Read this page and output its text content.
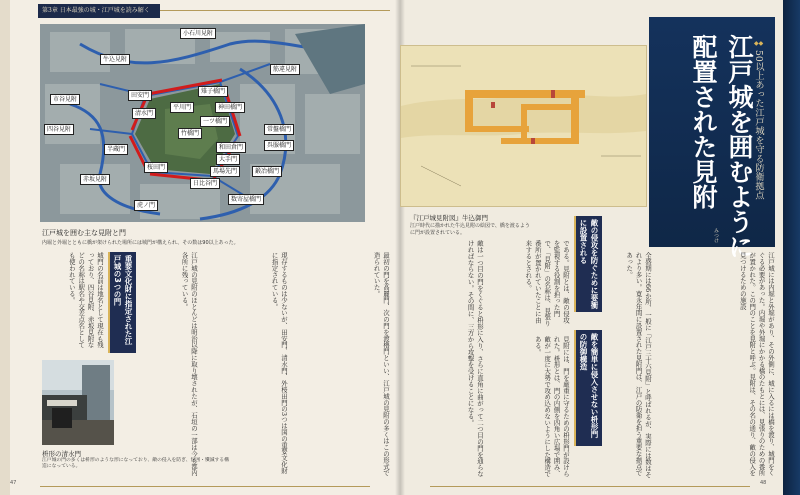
第3章 日本最強の城・江戸城を読み解く
小石川見附
牛込見附
筋違見附
市谷見附
神田橋門
常盤橋門
呉服橋門
鍛冶橋門
数寄屋橋門
日比谷門
虎ノ門
四谷見附
赤坂見附
田安門
雉子橋門
一ツ橋門
清水門
竹橋門
和田倉門
大手門
平川門
半蔵門
桜田門
馬場先門
江戸城を囲む主な見附と門
内堀と外堀とともに橋が架けられた場所には城門が構えられ、その数は90以上あった。
最初の門を高麗門、次の門を渡櫓門といい、江戸城の見附の多くはこの形式で造られていた。
現存するものは少ないが、田安門、清水門、外桜田門の3つは国の重要文化財に指定されている。
江戸城の見附のほとんどは明治以降に取り壊されたが、石垣の一部は今も都内各所に残っている。
城門の名前は地名として現在も残っており、四谷見附、赤坂見附などの名称は駅名や交差点名としても使われている。	重要文化財に指定された江戸城の3つの門
枡形の清水門
江戸城の門の多くは枡形のような形になっており、敵の侵入を防ぎ、包囲・殲滅する構造になっている。
『江戸城見附図』牛込御門
江戸時代に描かれた牛込見附の絵図で、橋を渡るように門が設置されている。	江戸城を囲むように
配置された見附
みつけ
◆◆
50以上あった江戸城を守る防衛拠点
敵の侵攻を防ぐために要衝に設置される
敵を簡単に侵入させない枡形門の防御構造	江戸城には内堀と外堀があり、その外側に、城に入るには橋を渡り、城門をくぐる必要があった。内堀や外堀にかかる橋のたもとには、見張りのための番所が置かれた。この門のことを見附と呼ぶ。見附は、その名の通り、敵の侵入を見つけるための施設
全盛期には66か所、一般に「江戸三十六見附」と呼ばれるが、実際には数はそれより多い。寛永年間に設置された見附門は、江戸の防衛を担う重要な拠点であった。
である。見附とは、敵の侵攻を監視する役割を担った門で、「見附」の名称は、見張り番所が置かれていたことに由来するとされる。
見附には、門を厳重に守るための枡形門が設けられた。枡形とは、門の内側を四角い広場で囲み、敵が一度に大勢で攻め込めないようにした構造である。
敵は一つ目の門をくぐると枡形に入り、さらに直角に曲がって二つ目の門を通らなければならない。その間に、三方から攻撃を受けることになる。
47	48
